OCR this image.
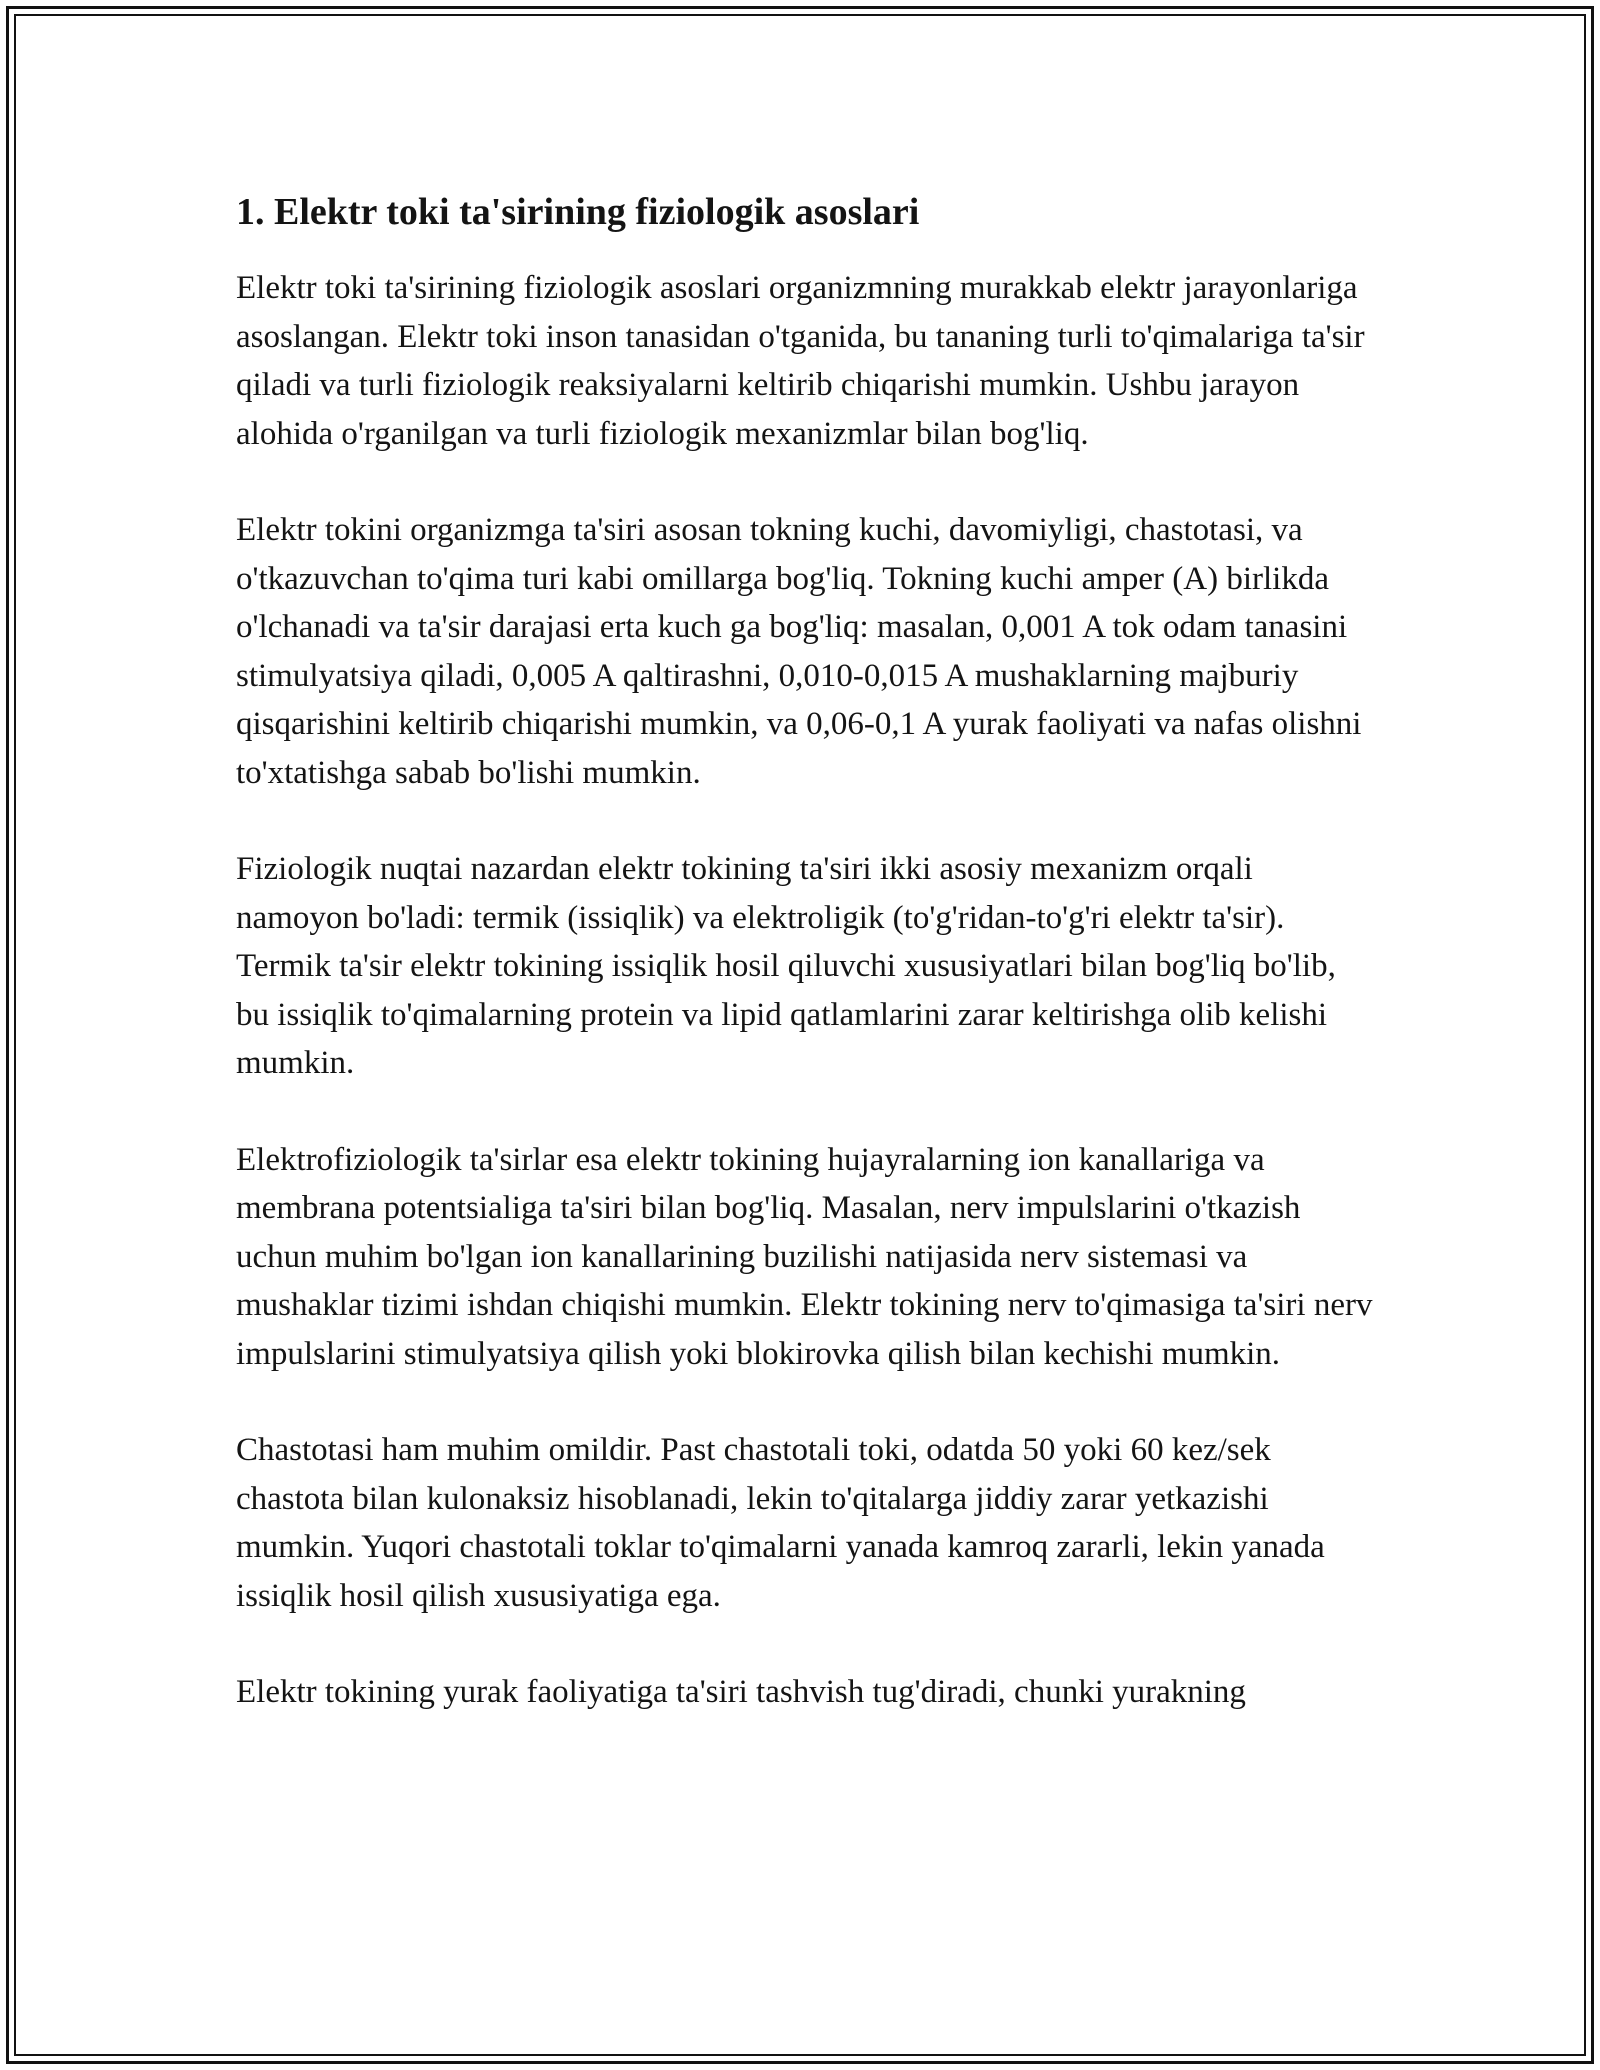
1. Elektr toki ta'sirining fiziologik asoslari

Elektr toki ta'sirining fiziologik asoslari organizmning murakkab elektr jarayonlariga asoslangan. Elektr toki inson tanasidan o'tganida, bu tananing turli to'qimalariga ta'sir qiladi va turli fiziologik reaksiyalarni keltirib chiqarishi mumkin. Ushbu jarayon alohida o'rganilgan va turli fiziologik mexanizmlar bilan bog'liq.

Elektr tokini organizmga ta'siri asosan tokning kuchi, davomiyligi, chastotasi, va o'tkazuvchan to'qima turi kabi omillarga bog'liq. Tokning kuchi amper (A) birlikda o'lchanadi va ta'sir darajasi erta kuch ga bog'liq: masalan, 0,001 A tok odam tanasini stimulyatsiya qiladi, 0,005 A qaltirashni, 0,010-0,015 A mushaklarning majburiy qisqarishini keltirib chiqarishi mumkin, va 0,06-0,1 A yurak faoliyati va nafas olishni to'xtatishga sabab bo'lishi mumkin.

Fiziologik nuqtai nazardan elektr tokining ta'siri ikki asosiy mexanizm orqali namoyon bo'ladi: termik (issiqlik) va elektroligik (to'g'ridan-to'g'ri elektr ta'sir). Termik ta'sir elektr tokining issiqlik hosil qiluvchi xususiyatlari bilan bog'liq bo'lib, bu issiqlik to'qimalarning protein va lipid qatlamlarini zarar keltirishga olib kelishi mumkin.

Elektrofiziologik ta'sirlar esa elektr tokining hujayralarning ion kanallariga va membrana potentsialiga ta'siri bilan bog'liq. Masalan, nerv impulslarini o'tkazish uchun muhim bo'lgan ion kanallarining buzilishi natijasida nerv sistemasi va mushaklar tizimi ishdan chiqishi mumkin. Elektr tokining nerv to'qimasiga ta'siri nerv impulslarini stimulyatsiya qilish yoki blokirovka qilish bilan kechishi mumkin.

Chastotasi ham muhim omildir. Past chastotali toki, odatda 50 yoki 60 kez/sek chastota bilan kulonaksiz hisoblanadi, lekin to'qitalarga jiddiy zarar yetkazishi mumkin. Yuqori chastotali toklar to'qimalarni yanada kamroq zararli, lekin yanada issiqlik hosil qilish xususiyatiga ega.

Elektr tokining yurak faoliyatiga ta'siri tashvish tug'diradi, chunki yurakning
